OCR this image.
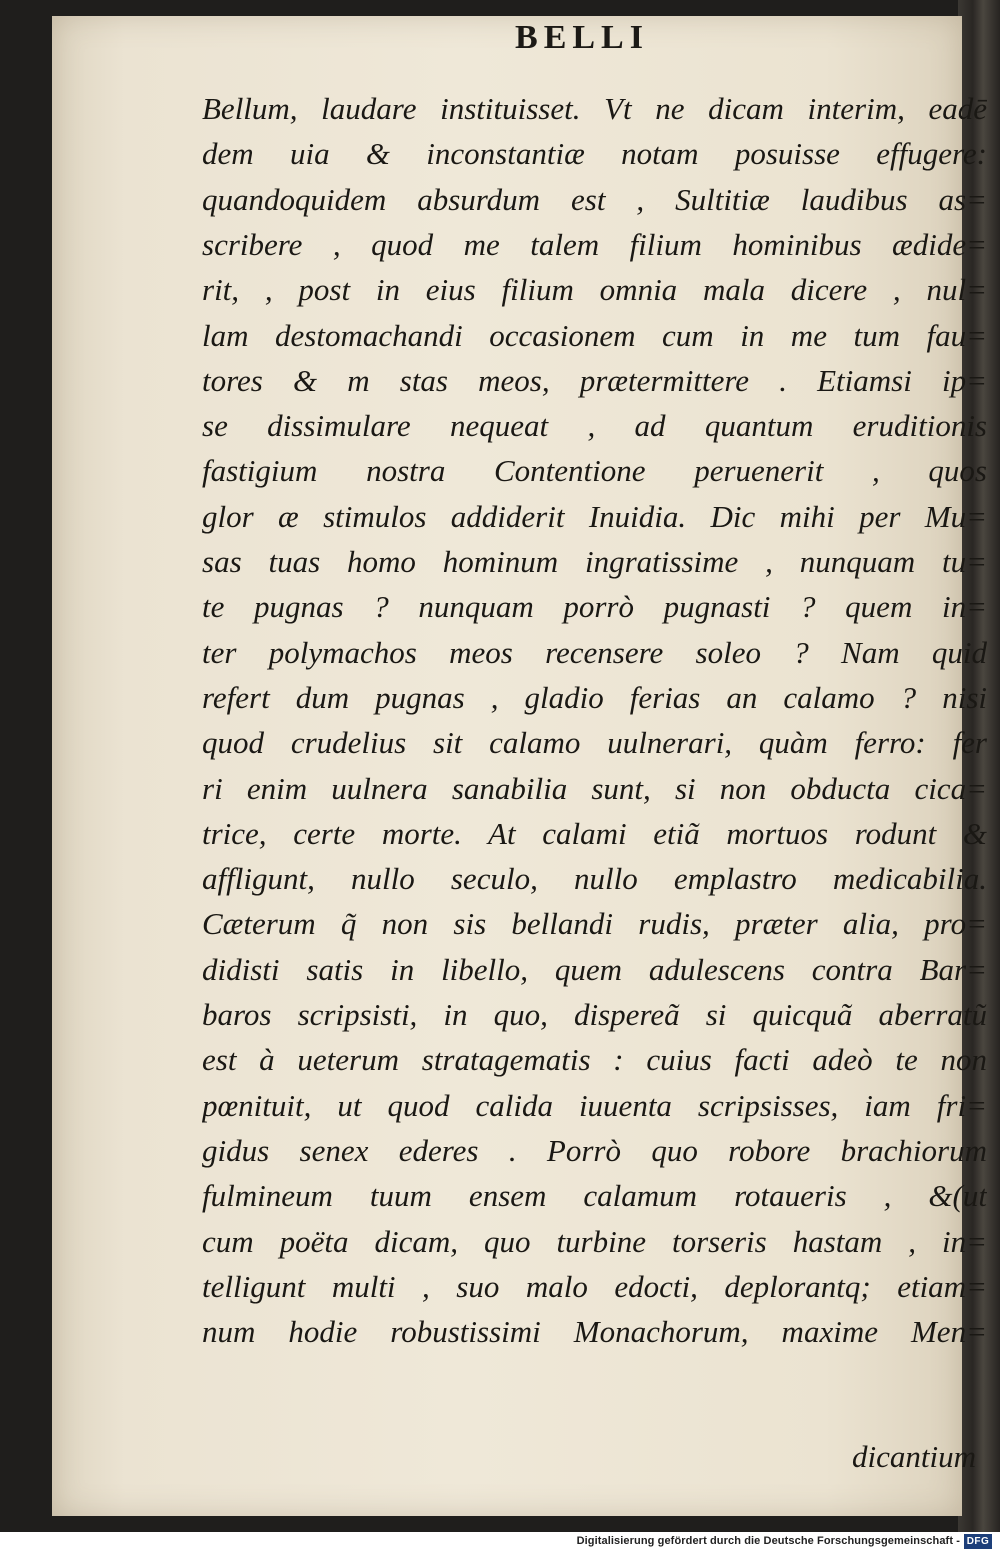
BELLI
Bellum, laudare instituisset. Vt ne dicam interim, eadē
dem uia & inconstantiæ notam posuisse effugere:
quandoquidem absurdum est , Sultitiæ laudibus as=
scribere , quod me talem filium hominibus ædide=
rit, , post in eius filium omnia mala dicere , nul=
lam destomachandi occasionem cum in me tum fau=
tores & m stas meos, prætermittere . Etiamsi ip=
se dissimulare nequeat , ad quantum eruditionis
fastigium nostra Contentione peruenerit , quos
glor æ stimulos addiderit Inuidia. Dic mihi per Mu=
sas tuas homo hominum ingratissime , nunquam tu=
te pugnas ? nunquam porrò pugnasti ? quem in=
ter polymachos meos recensere soleo ? Nam quid
refert dum pugnas , gladio ferias an calamo ? nisi
quod crudelius sit calamo uulnerari, quàm ferro: fer
ri enim uulnera sanabilia sunt, si non obducta cica=
trice, certe morte. At calami etiã mortuos rodunt &
affligunt, nullo seculo, nullo emplastro medicabilia.
Cæterum q̃ non sis bellandi rudis, præter alia, pro=
didisti satis in libello, quem adulescens contra Bar=
baros scripsisti, in quo, dispereã si quicquã aberratũ
est à ueterum stratagematis : cuius facti adeò te non
pœnituit, ut quod calida iuuenta scripsisses, iam fri=
gidus senex ederes . Porrò quo robore brachiorum
fulmineum tuum ensem calamum rotaueris , &(ut
cum poëta dicam, quo turbine torseris hastam , in=
telligunt multi , suo malo edocti, deplorantq; etiam=
num hodie robustissimi Monachorum, maxime Men=
dicantium
Digitalisierung gefördert durch die Deutsche Forschungsgemeinschaft - DFG
